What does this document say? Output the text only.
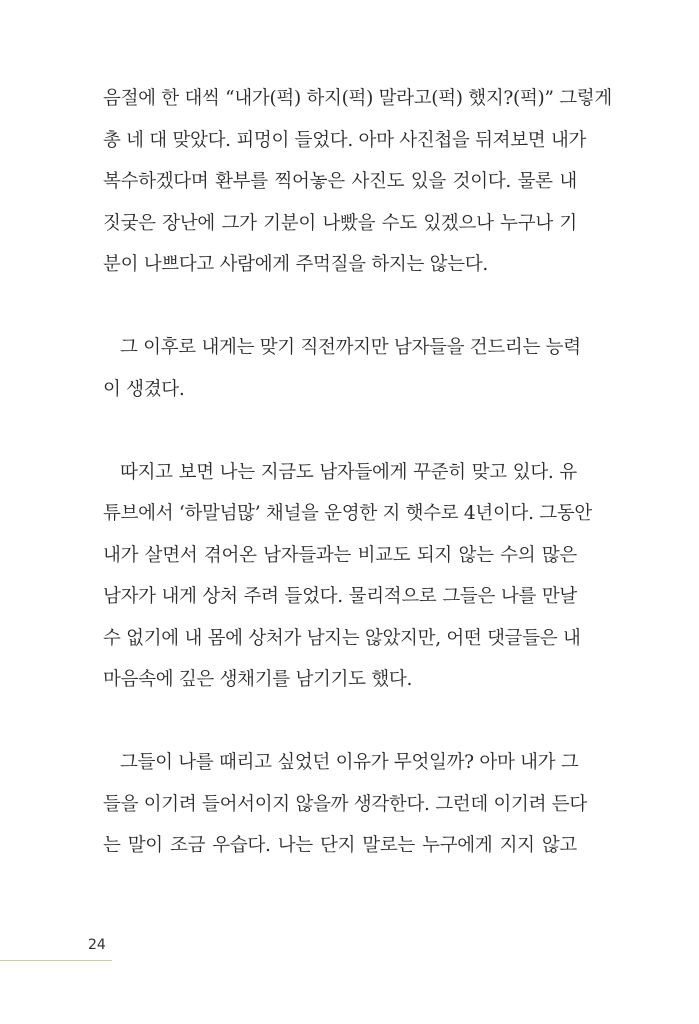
음절에 한 대씩 “내가(퍽) 하지(퍽) 말라고(퍽) 했지?(퍽)” 그렇게
총 네 대 맞았다. 피멍이 들었다. 아마 사진첩을 뒤져보면 내가
복수하겠다며 환부를 찍어놓은 사진도 있을 것이다. 물론 내
짓궂은 장난에 그가 기분이 나빴을 수도 있겠으나 누구나 기
분이 나쁘다고 사람에게 주먹질을 하지는 않는다.
그 이후로 내게는 맞기 직전까지만 남자들을 건드리는 능력
이 생겼다.
따지고 보면 나는 지금도 남자들에게 꾸준히 맞고 있다. 유
튜브에서 ‘하말넘많’ 채널을 운영한 지 햇수로 4년이다. 그동안
내가 살면서 겪어온 남자들과는 비교도 되지 않는 수의 많은
남자가 내게 상처 주려 들었다. 물리적으로 그들은 나를 만날
수 없기에 내 몸에 상처가 남지는 않았지만, 어떤 댓글들은 내
마음속에 깊은 생채기를 남기기도 했다.
그들이 나를 때리고 싶었던 이유가 무엇일까? 아마 내가 그
들을 이기려 들어서이지 않을까 생각한다. 그런데 이기려 든다
는 말이 조금 우습다. 나는 단지 말로는 누구에게 지지 않고
24
